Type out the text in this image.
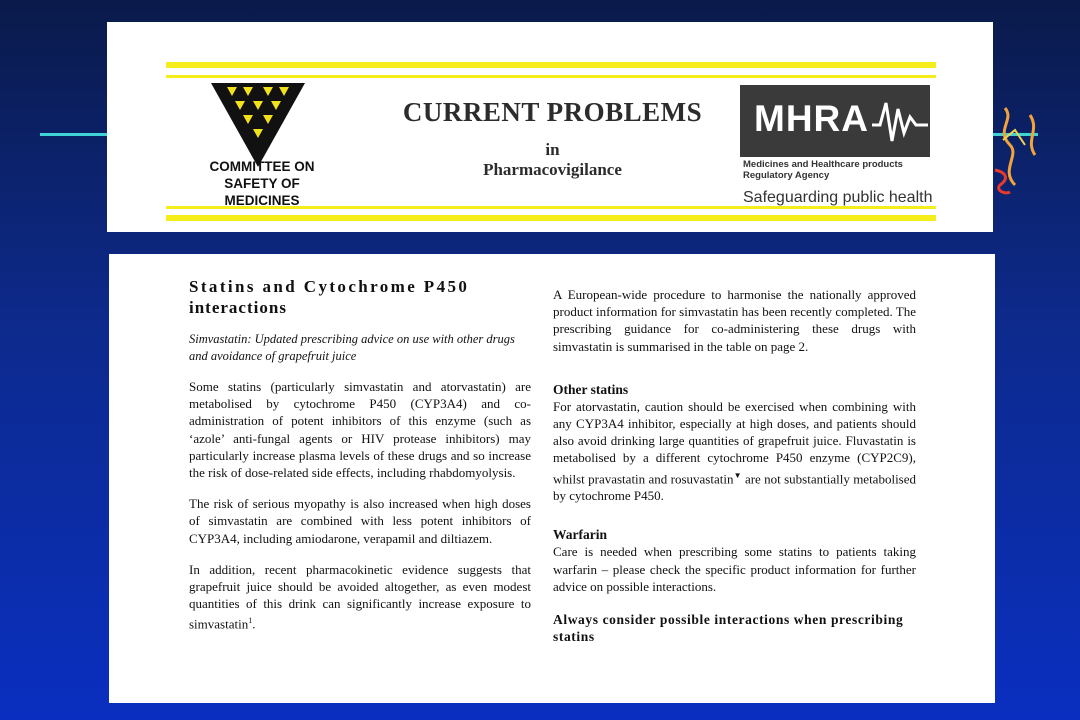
COMMITTEE ON
SAFETY OF
MEDICINES
CURRENT PROBLEMS
in
Pharmacovigilance
MHRA
Medicines and Healthcare products
Regulatory Agency
Safeguarding public health
Statins and Cytochrome P450
interactions
Simvastatin: Updated prescribing advice on use with other drugs and avoidance of grapefruit juice

Some statins (particularly simvastatin and atorvastatin) are metabolised by cytochrome P450 (CYP3A4) and co-administration of potent inhibitors of this enzyme (such as ‘azole’ anti-fungal agents or HIV protease inhibitors) may particularly increase plasma levels of these drugs and so increase the risk of dose-related side effects, including rhabdomyolysis.

The risk of serious myopathy is also increased when high doses of simvastatin are combined with less potent inhibitors of CYP3A4, including amiodarone, verapamil and diltiazem.

In addition, recent pharmacokinetic evidence suggests that grapefruit juice should be avoided altogether, as even modest quantities of this drink can significantly increase exposure to simvastatin$^1$.

A European-wide procedure to harmonise the nationally approved product information for simvastatin has been recently completed. The prescribing guidance for co-administering these drugs with simvastatin is summarised in the table on page 2.

Other statins

For atorvastatin, caution should be exercised when combining with any CYP3A4 inhibitor, especially at high doses, and patients should also avoid drinking large quantities of grapefruit juice. Fluvastatin is metabolised by a different cytochrome P450 enzyme (CYP2C9), whilst pravastatin and rosuvastatin▼ are not substantially metabolised by cytochrome P450.

Warfarin

Care is needed when prescribing some statins to patients taking warfarin – please check the specific product information for further advice on possible interactions.

Always consider possible interactions when prescribing statins
